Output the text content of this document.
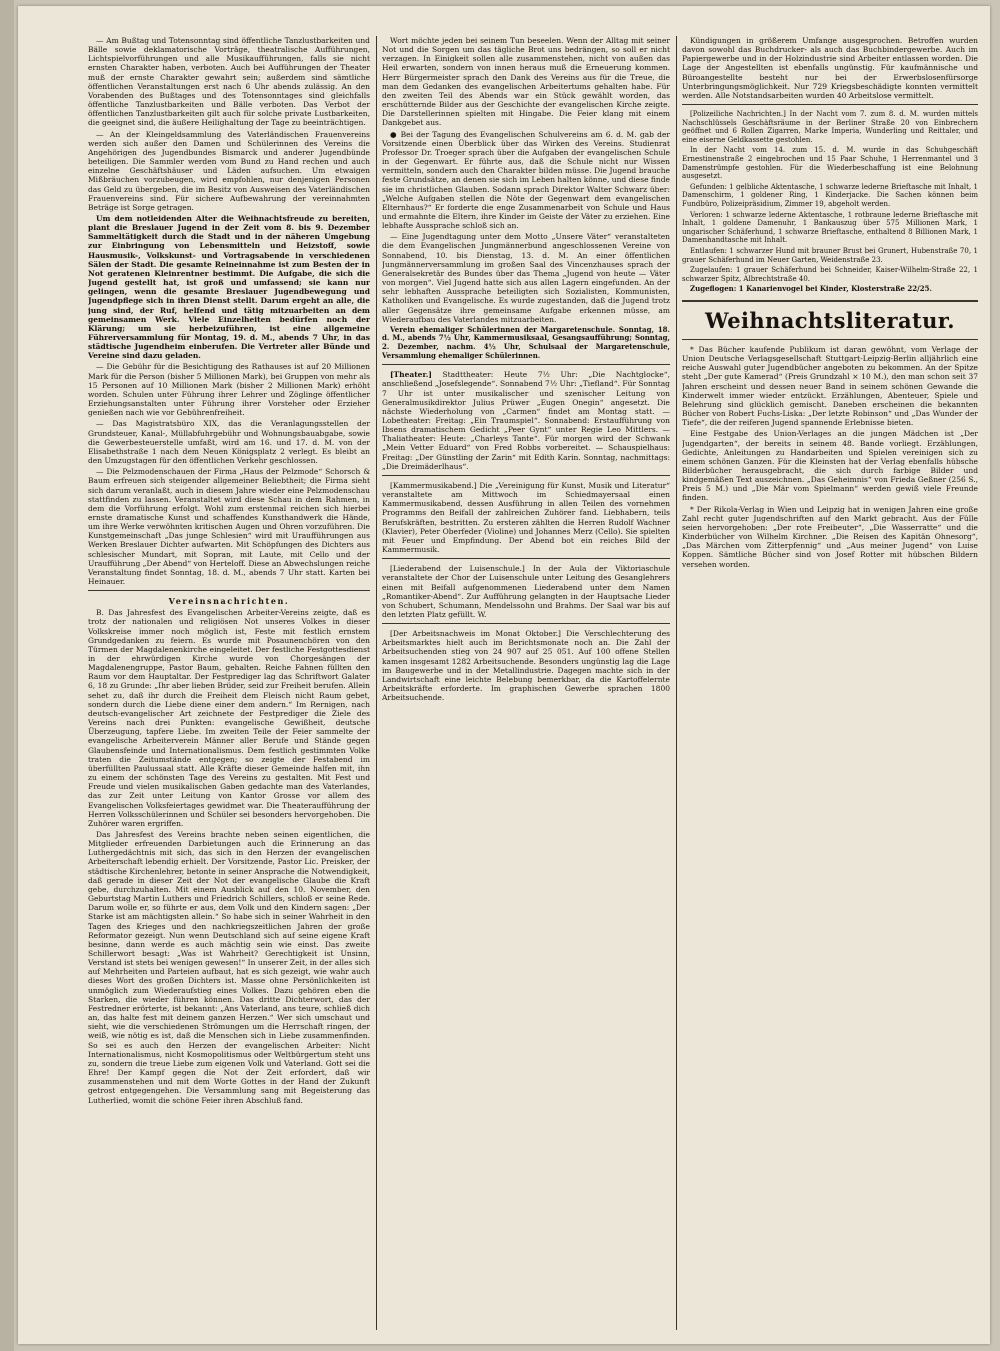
— Am Bußtag und Totensonntag sind öffentliche Tanzlustbarkeiten und Bälle sowie deklamatorische Vorträge, theatralische Aufführungen, Lichtspielvorführungen und alle Musikaufführungen, falls sie nicht ernsten Charakter haben, verboten. Auch bei Aufführungen der Theater muß der ernste Charakter gewahrt sein; außerdem sind sämtliche öffentlichen Veranstaltungen erst nach 6 Uhr abends zulässig. An den Vorabenden des Bußtages und des Totensonntages sind gleichfalls öffentliche Tanzlustbarkeiten und Bälle verboten. Das Verbot der öffentlichen Tanzlustbarkeiten gilt auch für solche private Lustbarkeiten, die geeignet sind, die äußere Heilighaltung der Tage zu beeinträchtigen.

— An der Kleingeldsammlung des Vaterländischen Frauenvereins werden sich außer den Damen und Schülerinnen des Vereins die Angehörigen des Jugendbundes Bismarck und anderer Jugendbünde beteiligen. Die Sammler werden vom Bund zu Hand rechen und auch einzelne Geschäftshäuser und Läden aufsuchen. Um etwaigen Mißbräuchen vorzubeugen, wird empfohlen, nur denjenigen Personen das Geld zu übergeben, die im Besitz von Ausweisen des Vaterländischen Frauenvereins sind. Für sichere Aufbewahrung der vereinnahmten Beträge ist Sorge getragen.

Um dem notleidenden Alter die Weihnachtsfreude zu bereiten, plant die Breslauer Jugend in der Zeit vom 8. bis 9. Dezember Sammeltätigkeit durch die Stadt und in der näheren Umgebung zur Einbringung von Lebensmitteln und Heizstoff, sowie Hausmusik-, Volkskunst- und Vortragsabende in verschiedenen Sälen der Stadt. Die gesamte Reineinnahme ist zum Besten der in Not geratenen Kleinrentner bestimmt. Die Aufgabe, die sich die Jugend gestellt hat, ist groß und umfassend; sie kann nur gelingen, wenn die gesamte Breslauer Jugendbewegung und Jugendpflege sich in ihren Dienst stellt. Darum ergeht an alle, die jung sind, der Ruf, helfend und tätig mitzuarbeiten an dem gemeinsamen Werk. Viele Einzelheiten bedürfen noch der Klärung; um sie herbeizuführen, ist eine allgemeine Führerversammlung für Montag, 19. d. M., abends 7 Uhr, in das städtische Jugendheim einberufen. Die Vertreter aller Bünde und Vereine sind dazu geladen.

— Die Gebühr für die Besichtigung des Rathauses ist auf 20 Millionen Mark für die Person (bisher 5 Millionen Mark), bei Gruppen von mehr als 15 Personen auf 10 Millionen Mark (bisher 2 Millionen Mark) erhöht worden. Schulen unter Führung ihrer Lehrer und Zöglinge öffentlicher Erziehungsanstalten unter Führung ihrer Vorsteher oder Erzieher genießen nach wie vor Gebührenfreiheit.

— Das Magistratsbüro XIX, das die Veranlagungsstellen der Grundsteuer, Kanal-, Müllabfuhrgebühr und Wohnungsbauabgabe, sowie die Gewerbesteuerstelle umfaßt, wird am 16. und 17. d. M. von der Elisabethstraße 1 nach dem Neuen Königsplatz 2 verlegt. Es bleibt an den Umzugstagen für den öffentlichen Verkehr geschlossen.

— Die Pelzmodenschauen der Firma „Haus der Pelzmode“ Schorsch & Baum erfreuen sich steigender allgemeiner Beliebtheit; die Firma sieht sich darum veranlaßt, auch in diesem Jahre wieder eine Pelzmodenschau stattfinden zu lassen. Veranstaltet wird diese Schau in dem Rahmen, in dem die Vorführung erfolgt. Wohl zum erstenmal reichen sich hierbei ernste dramatische Kunst und schaffendes Kunsthandwerk die Hände, um ihre Werke verwöhnten kritischen Augen und Ohren vorzuführen. Die Kunstgemeinschaft „Das junge Schlesien“ wird mit Uraufführungen aus Werken Breslauer Dichter aufwarten. Mit Schöpfungen des Dichters aus schlesischer Mundart, mit Sopran, mit Laute, mit Cello und der Uraufführung „Der Abend“ von Herteloff. Diese an Abwechslungen reiche Veranstaltung findet Sonntag, 18. d. M., abends 7 Uhr statt. Karten bei Heinauer.

Vereinsnachrichten.

B. Das Jahresfest des Evangelischen Arbeiter-Vereins zeigte, daß es trotz der nationalen und religiösen Not unseres Volkes in dieser Volkskreise immer noch möglich ist, Feste mit festlich ernstem Grundgedanken zu feiern. Es wurde mit Posaunenchören von den Türmen der Magdalenenkirche eingeleitet. Der festliche Festgottesdienst in der ehrwürdigen Kirche wurde von Chorgesängen der Magdalenengruppe, Pastor Baum, gehalten. Reiche Fahnen füllten den Raum vor dem Hauptaltar. Der Festprediger lag das Schriftwort Galater 6, 18 zu Grunde: „Ihr aber lieben Brüder, seid zur Freiheit berufen. Allein sehet zu, daß ihr durch die Freiheit dem Fleisch nicht Raum gebet, sondern durch die Liebe diene einer dem andern.“ Im Rernigen, nach deutsch-evangelischer Art zeichnete der Festprediger die Ziele des Vereins nach drei Punkten: evangelische Gewißheit, deutsche Überzeugung, tapfere Liebe. Im zweiten Teile der Feier sammelte der evangelische Arbeiterverein Männer aller Berufe und Stände gegen Glaubensfeinde und Internationalismus. Dem festlich gestimmten Volke traten die Zeitumstände entgegen; so zeigte der Festabend im überfüllten Paulussaal statt. Alle Kräfte dieser Gemeinde halfen mit, ihn zu einem der schönsten Tage des Vereins zu gestalten. Mit Fest und Freude und vielen musikalischen Gaben gedachte man des Vaterlandes, das zur Zeit unter Leitung von Kantor Grosse vor allem des Evangelischen Volksfeiertages gewidmet war. Die Theateraufführung der Herren Volksschülerinnen und Schüler sei besonders hervorgehoben. Die Zuhörer waren ergriffen.

Das Jahresfest des Vereins brachte neben seinen eigentlichen, die Mitglieder erfreuenden Darbietungen auch die Erinnerung an das Luthergedächtnis mit sich, das sich in den Herzen der evangelischen Arbeiterschaft lebendig erhielt. Der Vorsitzende, Pastor Lic. Preisker, der städtische Kirchenlehrer, betonte in seiner Ansprache die Notwendigkeit, daß gerade in dieser Zeit der Not der evangelische Glaube die Kraft gebe, durchzuhalten. Mit einem Ausblick auf den 10. November, den Geburtstag Martin Luthers und Friedrich Schillers, schloß er seine Rede. Darum wolle er, so führte er aus, dem Volk und den Kindern sagen: „Der Starke ist am mächtigsten allein.“ So habe sich in seiner Wahrheit in den Tagen des Krieges und den nachkriegszeitlichen Jahren der große Reformator gezeigt. Nun wenn Deutschland sich auf seine eigene Kraft besinne, dann werde es auch mächtig sein wie einst. Das zweite Schillerwort besagt: „Was ist Wahrheit? Gerechtigkeit ist Unsinn, Verstand ist stets bei wenigen gewesen!“ In unserer Zeit, in der alles sich auf Mehrheiten und Parteien aufbaut, hat es sich gezeigt, wie wahr auch dieses Wort des großen Dichters ist. Masse ohne Persönlichkeiten ist unmöglich zum Wiederaufstieg eines Volkes. Dazu gehören eben die Starken, die wieder führen können. Das dritte Dichterwort, das der Festredner erörterte, ist bekannt: „Ans Vaterland, ans teure, schließ dich an, das halte fest mit deinem ganzen Herzen.“ Wer sich umschaut und sieht, wie die verschiedenen Strömungen um die Herrschaft ringen, der weiß, wie nötig es ist, daß die Menschen sich in Liebe zusammenfinden. So sei es auch den Herzen der evangelischen Arbeiter: Nicht Internationalismus, nicht Kosmopolitismus oder Weltbürgertum steht uns zu, sondern die treue Liebe zum eigenen Volk und Vaterland. Gott sei die Ehre! Der Kampf gegen die Not der Zeit erfordert, daß wir zusammenstehen und mit dem Worte Gottes in der Hand der Zukunft getrost entgegengehen. Die Versammlung sang mit Begeisterung das Lutherlied, womit die schöne Feier ihren Abschluß fand.

Wort möchte jeden bei seinem Tun beseelen. Wenn der Alltag mit seiner Not und die Sorgen um das tägliche Brot uns bedrängen, so soll er nicht verzagen. In Einigkeit sollen alle zusammenstehen, nicht von außen das Heil erwarten, sondern von innen heraus muß die Erneuerung kommen. Herr Bürgermeister sprach den Dank des Vereins aus für die Treue, die man dem Gedanken des evangelischen Arbeitertums gehalten habe. Für den zweiten Teil des Abends war ein Stück gewählt worden, das erschütternde Bilder aus der Geschichte der evangelischen Kirche zeigte. Die Darstellerinnen spielten mit Hingabe. Die Feier klang mit einem Dankgebet aus.

● Bei der Tagung des Evangelischen Schulvereins am 6. d. M. gab der Vorsitzende einen Überblick über das Wirken des Vereins. Studienrat Professor Dr. Troeger sprach über die Aufgaben der evangelischen Schule in der Gegenwart. Er führte aus, daß die Schule nicht nur Wissen vermitteln, sondern auch den Charakter bilden müsse. Die Jugend brauche feste Grundsätze, an denen sie sich im Leben halten könne, und diese finde sie im christlichen Glauben. Sodann sprach Direktor Walter Schwarz über: „Welche Aufgaben stellen die Nöte der Gegenwart dem evangelischen Elternhaus?“ Er forderte die enge Zusammenarbeit von Schule und Haus und ermahnte die Eltern, ihre Kinder im Geiste der Väter zu erziehen. Eine lebhafte Aussprache schloß sich an.

— Eine Jugendtagung unter dem Motto „Unsere Väter“ veranstalteten die dem Evangelischen Jungmännerbund angeschlossenen Vereine von Sonnabend, 10. bis Dienstag, 13. d. M. An einer öffentlichen Jungmännerversammlung im großen Saal des Vincenzhauses sprach der Generalsekretär des Bundes über das Thema „Jugend von heute — Väter von morgen“. Viel Jugend hatte sich aus allen Lagern eingefunden. An der sehr lebhaften Aussprache beteiligten sich Sozialisten, Kommunisten, Katholiken und Evangelische. Es wurde zugestanden, daß die Jugend trotz aller Gegensätze ihre gemeinsame Aufgabe erkennen müsse, am Wiederaufbau des Vaterlandes mitzuarbeiten.

Verein ehemaliger Schülerinnen der Margaretenschule. Sonntag, 18. d. M., abends 7½ Uhr, Kammermusiksaal, Gesangsaufführung; Sonntag, 2. Dezember, nachm. 4½ Uhr, Schulsaal der Margaretenschule, Versammlung ehemaliger Schülerinnen.

[Theater.] Stadttheater: Heute 7½ Uhr: „Die Nachtglocke“, anschließend „Josefslegende“. Sonnabend 7½ Uhr: „Tiefland“. Für Sonntag 7 Uhr ist unter musikalischer und szenischer Leitung von Generalmusikdirektor Julius Prüwer „Eugen Onegin“ angesetzt. Die nächste Wiederholung von „Carmen“ findet am Montag statt. — Lobetheater: Freitag: „Ein Traumspiel“. Sonnabend: Erstaufführung von Ibsens dramatischem Gedicht „Peer Gynt“ unter Regie Leo Mittlers. — Thaliatheater: Heute: „Charleys Tante“. Für morgen wird der Schwank „Mein Vetter Eduard“ von Fred Robbs vorbereitet. — Schauspielhaus: Freitag: „Der Günstling der Zarin“ mit Edith Karin. Sonntag, nachmittags: „Die Dreimäderlhaus“.

[Kammermusikabend.] Die „Vereinigung für Kunst, Musik und Literatur“ veranstaltete am Mittwoch im Schiedmayersaal einen Kammermusikabend, dessen Ausführung in allen Teilen des vornehmen Programms den Beifall der zahlreichen Zuhörer fand. Liebhabern, teils Berufskräften, bestritten. Zu ersteren zählten die Herren Rudolf Wachner (Klavier), Peter Oberfeder (Violine) und Johannes Merz (Cello). Sie spielten mit Feuer und Empfindung. Der Abend bot ein reiches Bild der Kammermusik.

[Liederabend der Luisenschule.] In der Aula der Viktoriaschule veranstaltete der Chor der Luisenschule unter Leitung des Gesanglehrers einen mit Beifall aufgenommenen Liederabend unter dem Namen „Romantiker-Abend“. Zur Aufführung gelangten in der Hauptsache Lieder von Schubert, Schumann, Mendelssohn und Brahms. Der Saal war bis auf den letzten Platz gefüllt. W.

[Der Arbeitsnachweis im Monat Oktober.] Die Verschlechterung des Arbeitsmarktes hielt auch im Berichtsmonate noch an. Die Zahl der Arbeitsuchenden stieg von 24 907 auf 25 051. Auf 100 offene Stellen kamen insgesamt 1282 Arbeitsuchende. Besonders ungünstig lag die Lage im Baugewerbe und in der Metallindustrie. Dagegen machte sich in der Landwirtschaft eine leichte Belebung bemerkbar, da die Kartoffelernte Arbeitskräfte erforderte. Im graphischen Gewerbe sprachen 1800 Arbeitsuchende.

Kündigungen in größerem Umfange ausgesprochen. Betroffen wurden davon sowohl das Buchdrucker- als auch das Buchbindergewerbe. Auch im Papiergewerbe und in der Holzindustrie sind Arbeiter entlassen worden. Die Lage der Angestellten ist ebenfalls ungünstig. Für kaufmännische und Büroangestellte besteht nur bei der Erwerbslosenfürsorge Unterbringungsmöglichkeit. Nur 729 Kriegsbeschädigte konnten vermittelt werden. Alle Notstandsarbeiten wurden 40 Arbeitslose vermittelt.

[Polizeiliche Nachrichten.] In der Nacht vom 7. zum 8. d. M. wurden mittels Nachschlüssels Geschäftsräume in der Berliner Straße 20 von Einbrechern geöffnet und 6 Rollen Zigarren, Marke Imperia, Wunderling und Reittaler, und eine eiserne Geldkassette gestohlen.

In der Nacht vom 14. zum 15. d. M. wurde in das Schuhgeschäft Ernestinenstraße 2 eingebrochen und 15 Paar Schuhe, 1 Herrenmantel und 3 Damenstrümpfe gestohlen. Für die Wiederbeschaffung ist eine Belohnung ausgesetzt.

Gefunden: 1 gelbliche Aktentasche, 1 schwarze lederne Brieftasche mit Inhalt, 1 Damenschirm, 1 goldener Ring, 1 Kinderjacke. Die Sachen können beim Fundbüro, Polizeipräsidium, Zimmer 19, abgeholt werden.

Verloren: 1 schwarze lederne Aktentasche, 1 rotbraune lederne Brieftasche mit Inhalt, 1 goldene Damenuhr, 1 Bankauszug über 575 Millionen Mark, 1 ungarischer Schäferhund, 1 schwarze Brieftasche, enthaltend 8 Billionen Mark, 1 Damenhandtasche mit Inhalt.

Entlaufen: 1 schwarzer Hund mit brauner Brust bei Grunert, Hubenstraße 70, 1 grauer Schäferhund im Neuer Garten, Weidenstraße 23.

Zugelaufen: 1 grauer Schäferhund bei Schneider, Kaiser-Wilhelm-Straße 22, 1 schwarzer Spitz, Albrechtstraße 40.

Zugeflogen: 1 Kanarienvogel bei Kinder, Klosterstraße 22/25.

Weihnachtsliteratur.

* Das Bücher kaufende Publikum ist daran gewöhnt, vom Verlage der Union Deutsche Verlagsgesellschaft Stuttgart-Leipzig-Berlin alljährlich eine reiche Auswahl guter Jugendbücher angeboten zu bekommen. An der Spitze steht „Der gute Kamerad“ (Preis Grundzahl × 10 M.), den man schon seit 37 Jahren erscheint und dessen neuer Band in seinem schönen Gewande die Kinderwelt immer wieder entzückt. Erzählungen, Abenteuer, Spiele und Belehrung sind glücklich gemischt. Daneben erscheinen die bekannten Bücher von Robert Fuchs-Liska: „Der letzte Robinson“ und „Das Wunder der Tiefe“, die der reiferen Jugend spannende Erlebnisse bieten.

Eine Festgabe des Union-Verlages an die jungen Mädchen ist „Der Jugendgarten“, der bereits in seinem 48. Bande vorliegt. Erzählungen, Gedichte, Anleitungen zu Handarbeiten und Spielen vereinigen sich zu einem schönen Ganzen. Für die Kleinsten hat der Verlag ebenfalls hübsche Bilderbücher herausgebracht, die sich durch farbige Bilder und kindgemäßen Text auszeichnen. „Das Geheimnis“ von Frieda Geßner (256 S., Preis 5 M.) und „Die Mär vom Spielmann“ werden gewiß viele Freunde finden.

* Der Rikola-Verlag in Wien und Leipzig hat in wenigen Jahren eine große Zahl recht guter Jugendschriften auf den Markt gebracht. Aus der Fülle seien hervorgehoben: „Der rote Freibeuter“, „Die Wasserratte“ und die Kinderbücher von Wilhelm Kirchner. „Die Reisen des Kapitän Ohnesorg“, „Das Märchen vom Zitterpfennig“ und „Aus meiner Jugend“ von Luise Koppen. Sämtliche Bücher sind von Josef Rotter mit hübschen Bildern versehen worden.
